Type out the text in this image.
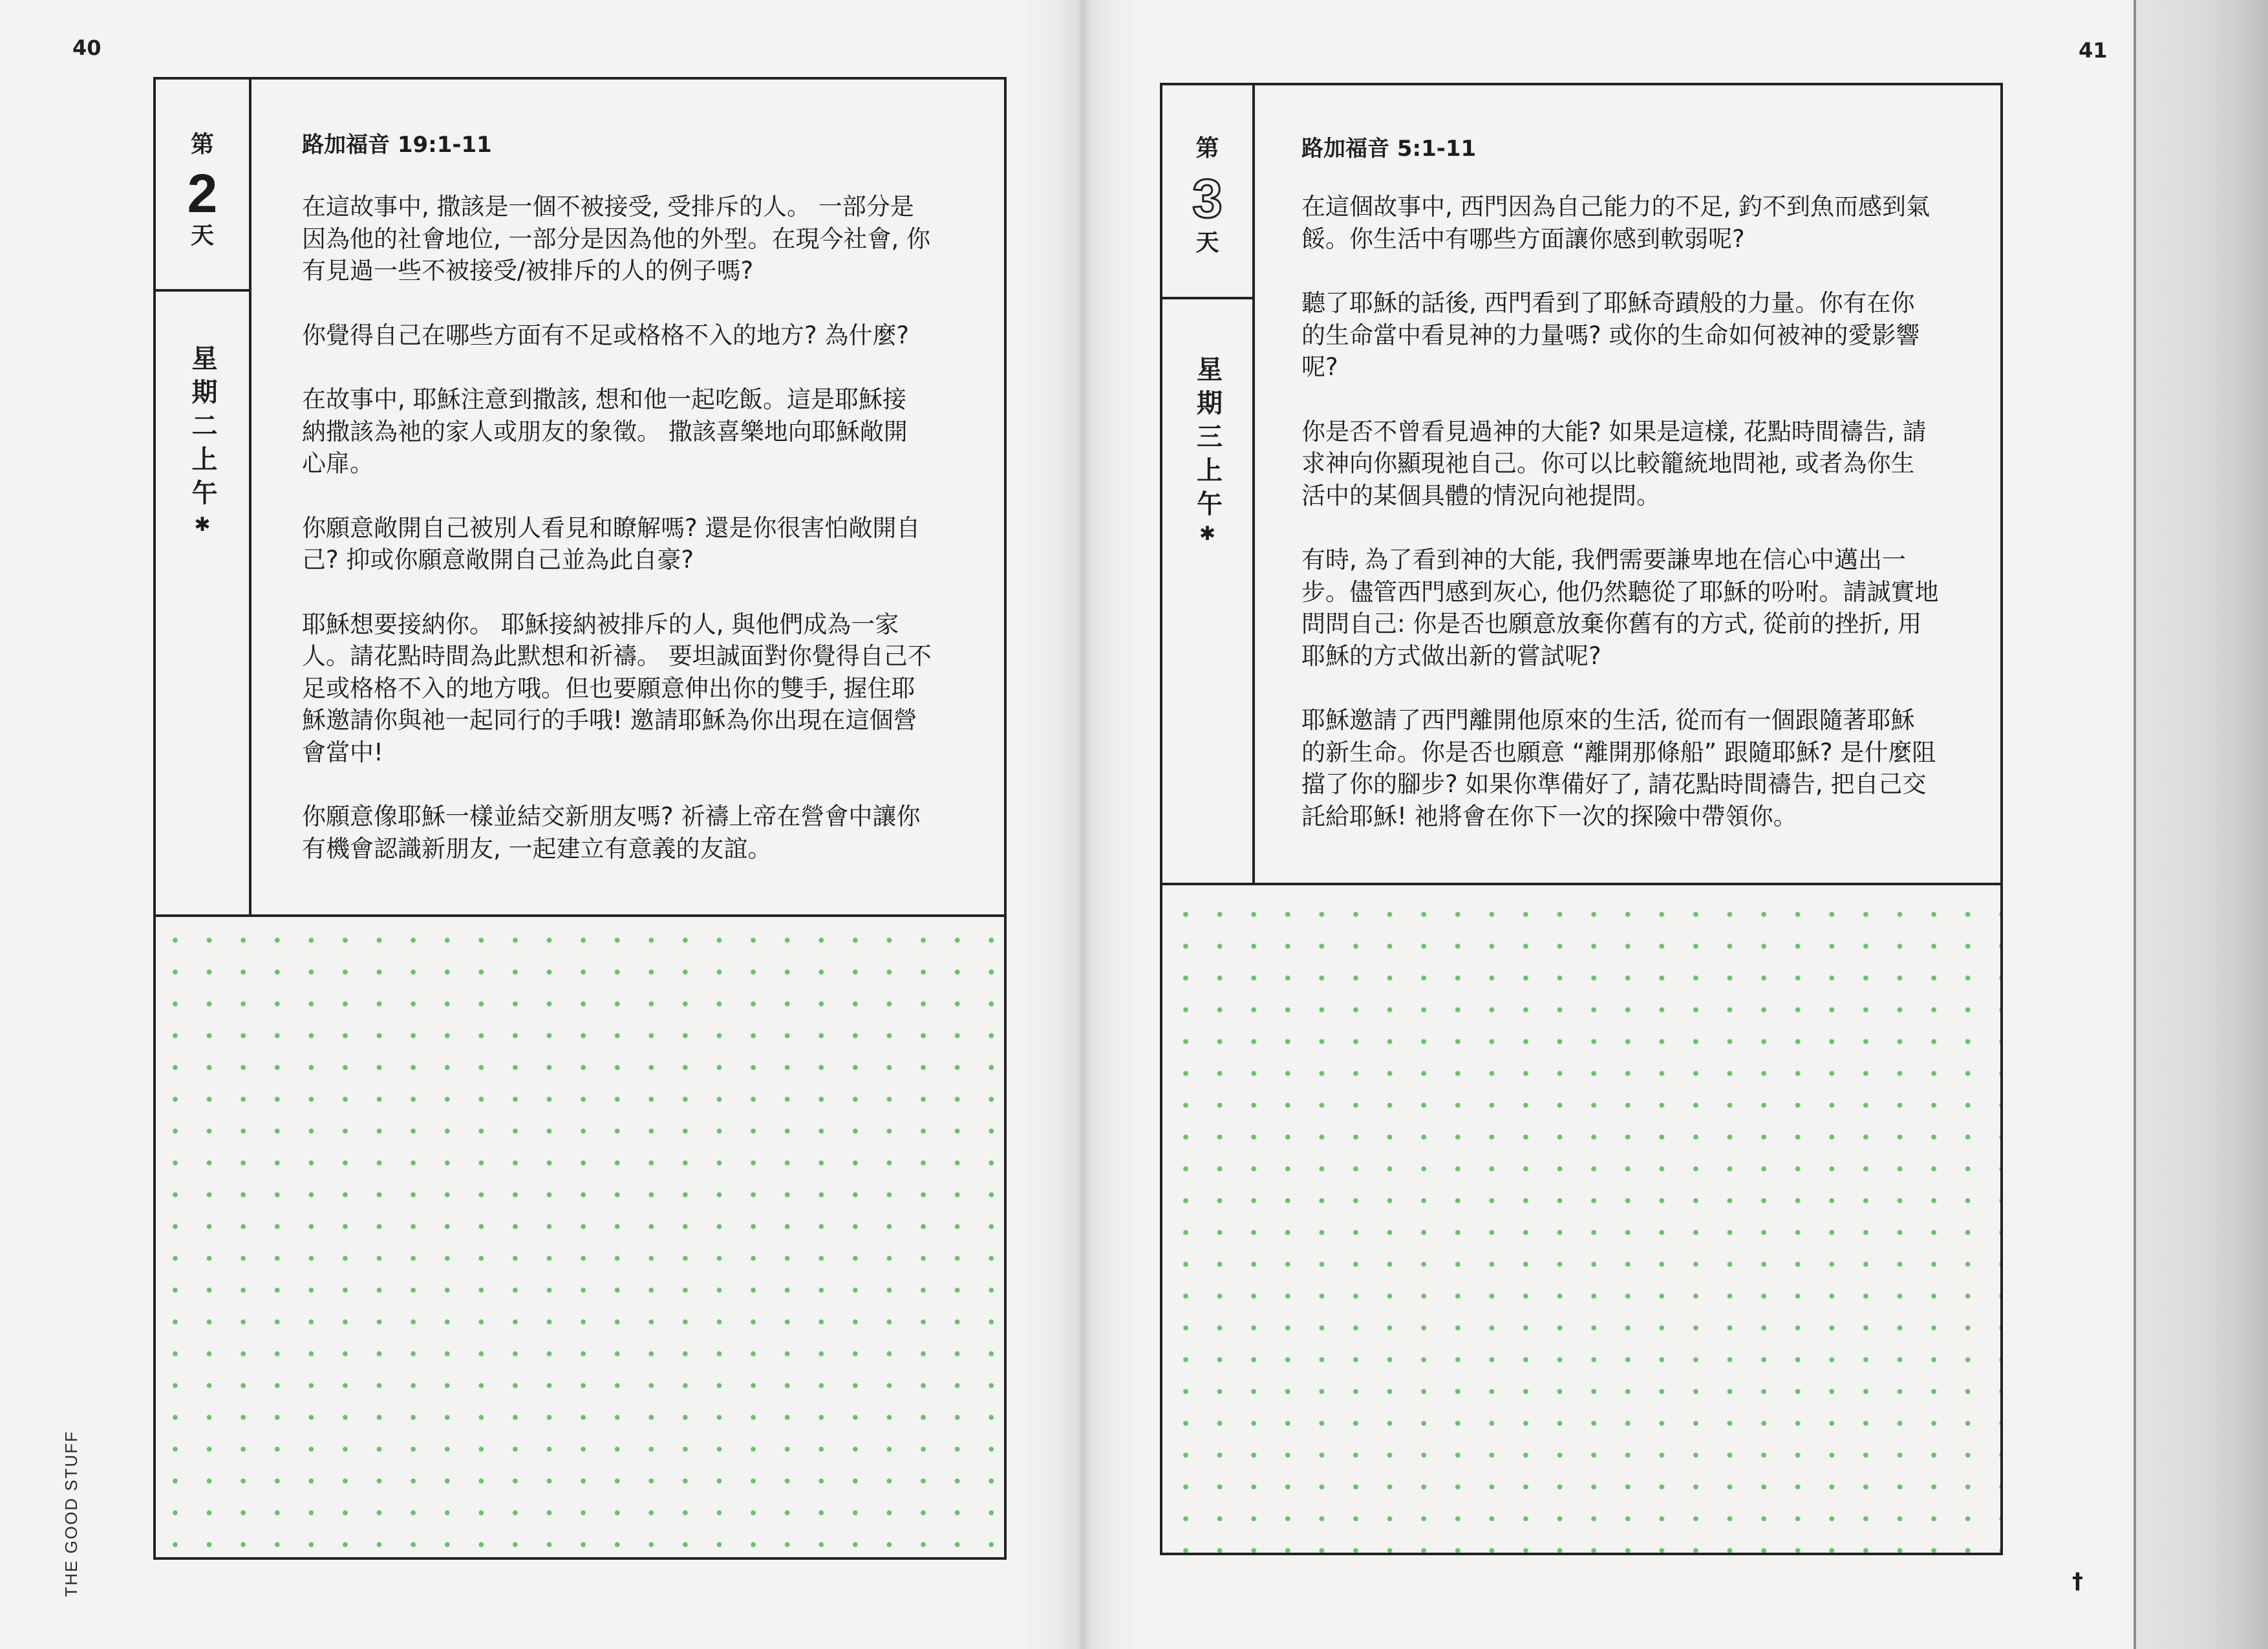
40
第
2
天
星期二上午
✱
路加福音 19:1-11
在這故事中, 撒該是一個不被接受, 受排斥的人。 一部分是
因為他的社會地位, 一部分是因為他的外型。在現今社會, 你
有見過一些不被接受/被排斥的人的例子嗎?
你覺得自己在哪些方面有不足或格格不入的地方? 為什麼?
在故事中, 耶穌注意到撒該, 想和他一起吃飯。這是耶穌接
納撒該為祂的家人或朋友的象徵。 撒該喜樂地向耶穌敞開
心扉。
你願意敞開自己被別人看見和瞭解嗎? 還是你很害怕敞開自
己? 抑或你願意敞開自己並為此自豪?
耶穌想要接納你。 耶穌接納被排斥的人, 與他們成為一家
人。請花點時間為此默想和祈禱。 要坦誠面對你覺得自己不
足或格格不入的地方哦。但也要願意伸出你的雙手, 握住耶
穌邀請你與祂一起同行的手哦! 邀請耶穌為你出現在這個營
會當中!
你願意像耶穌一樣並結交新朋友嗎? 祈禱上帝在營會中讓你
有機會認識新朋友, 一起建立有意義的友誼。
THE GOOD STUFF
41
第
3
天
星期三上午
✱
路加福音 5:1-11
在這個故事中, 西門因為自己能力的不足, 釣不到魚而感到氣
餒。你生活中有哪些方面讓你感到軟弱呢?
聽了耶穌的話後, 西門看到了耶穌奇蹟般的力量。你有在你
的生命當中看見神的力量嗎? 或你的生命如何被神的愛影響
呢?
你是否不曾看見過神的大能? 如果是這樣, 花點時間禱告, 請
求神向你顯現祂自己。你可以比較籠統地問祂, 或者為你生
活中的某個具體的情況向祂提問。
有時, 為了看到神的大能, 我們需要謙卑地在信心中邁出一
步。儘管西門感到灰心, 他仍然聽從了耶穌的吩咐。請誠實地
問問自己: 你是否也願意放棄你舊有的方式, 從前的挫折, 用
耶穌的方式做出新的嘗試呢?
耶穌邀請了西門離開他原來的生活, 從而有一個跟隨著耶穌
的新生命。你是否也願意 “離開那條船” 跟隨耶穌? 是什麼阻
擋了你的腳步? 如果你準備好了, 請花點時間禱告, 把自己交
託給耶穌! 祂將會在你下一次的探險中帶領你。
†
